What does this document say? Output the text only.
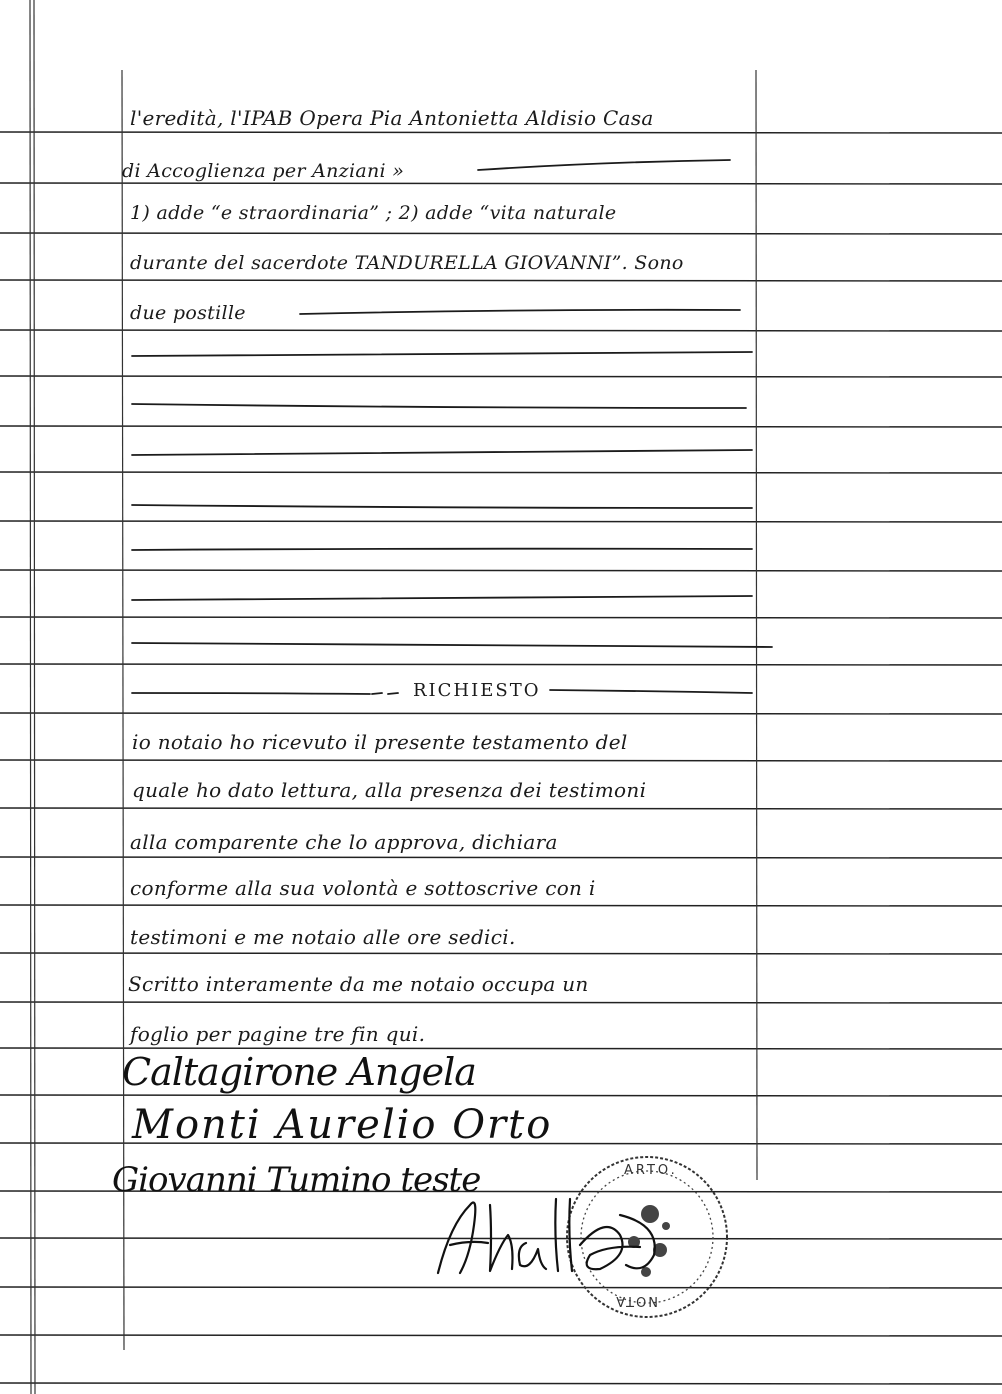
l'eredità, l'IPAB Opera Pia Antonietta Aldisio Casa
di Accoglienza per Anziani »
1) adde “e straordinaria” ; 2) adde “vita naturale
durante del sacerdote TANDURELLA GIOVANNI”. Sono
due postille
RICHIESTO
io notaio ho ricevuto il presente testamento del
quale ho dato lettura, alla presenza dei testimoni
alla comparente che lo approva, dichiara
conforme alla sua volontà e sottoscrive con i
testimoni e me notaio alle ore sedici.
Scritto interamente da me notaio occupa un
foglio per pagine tre fin qui.
Caltagirone Angela
Monti Aurelio Orto
Giovanni Tumino teste	ARTO.
NOTA
